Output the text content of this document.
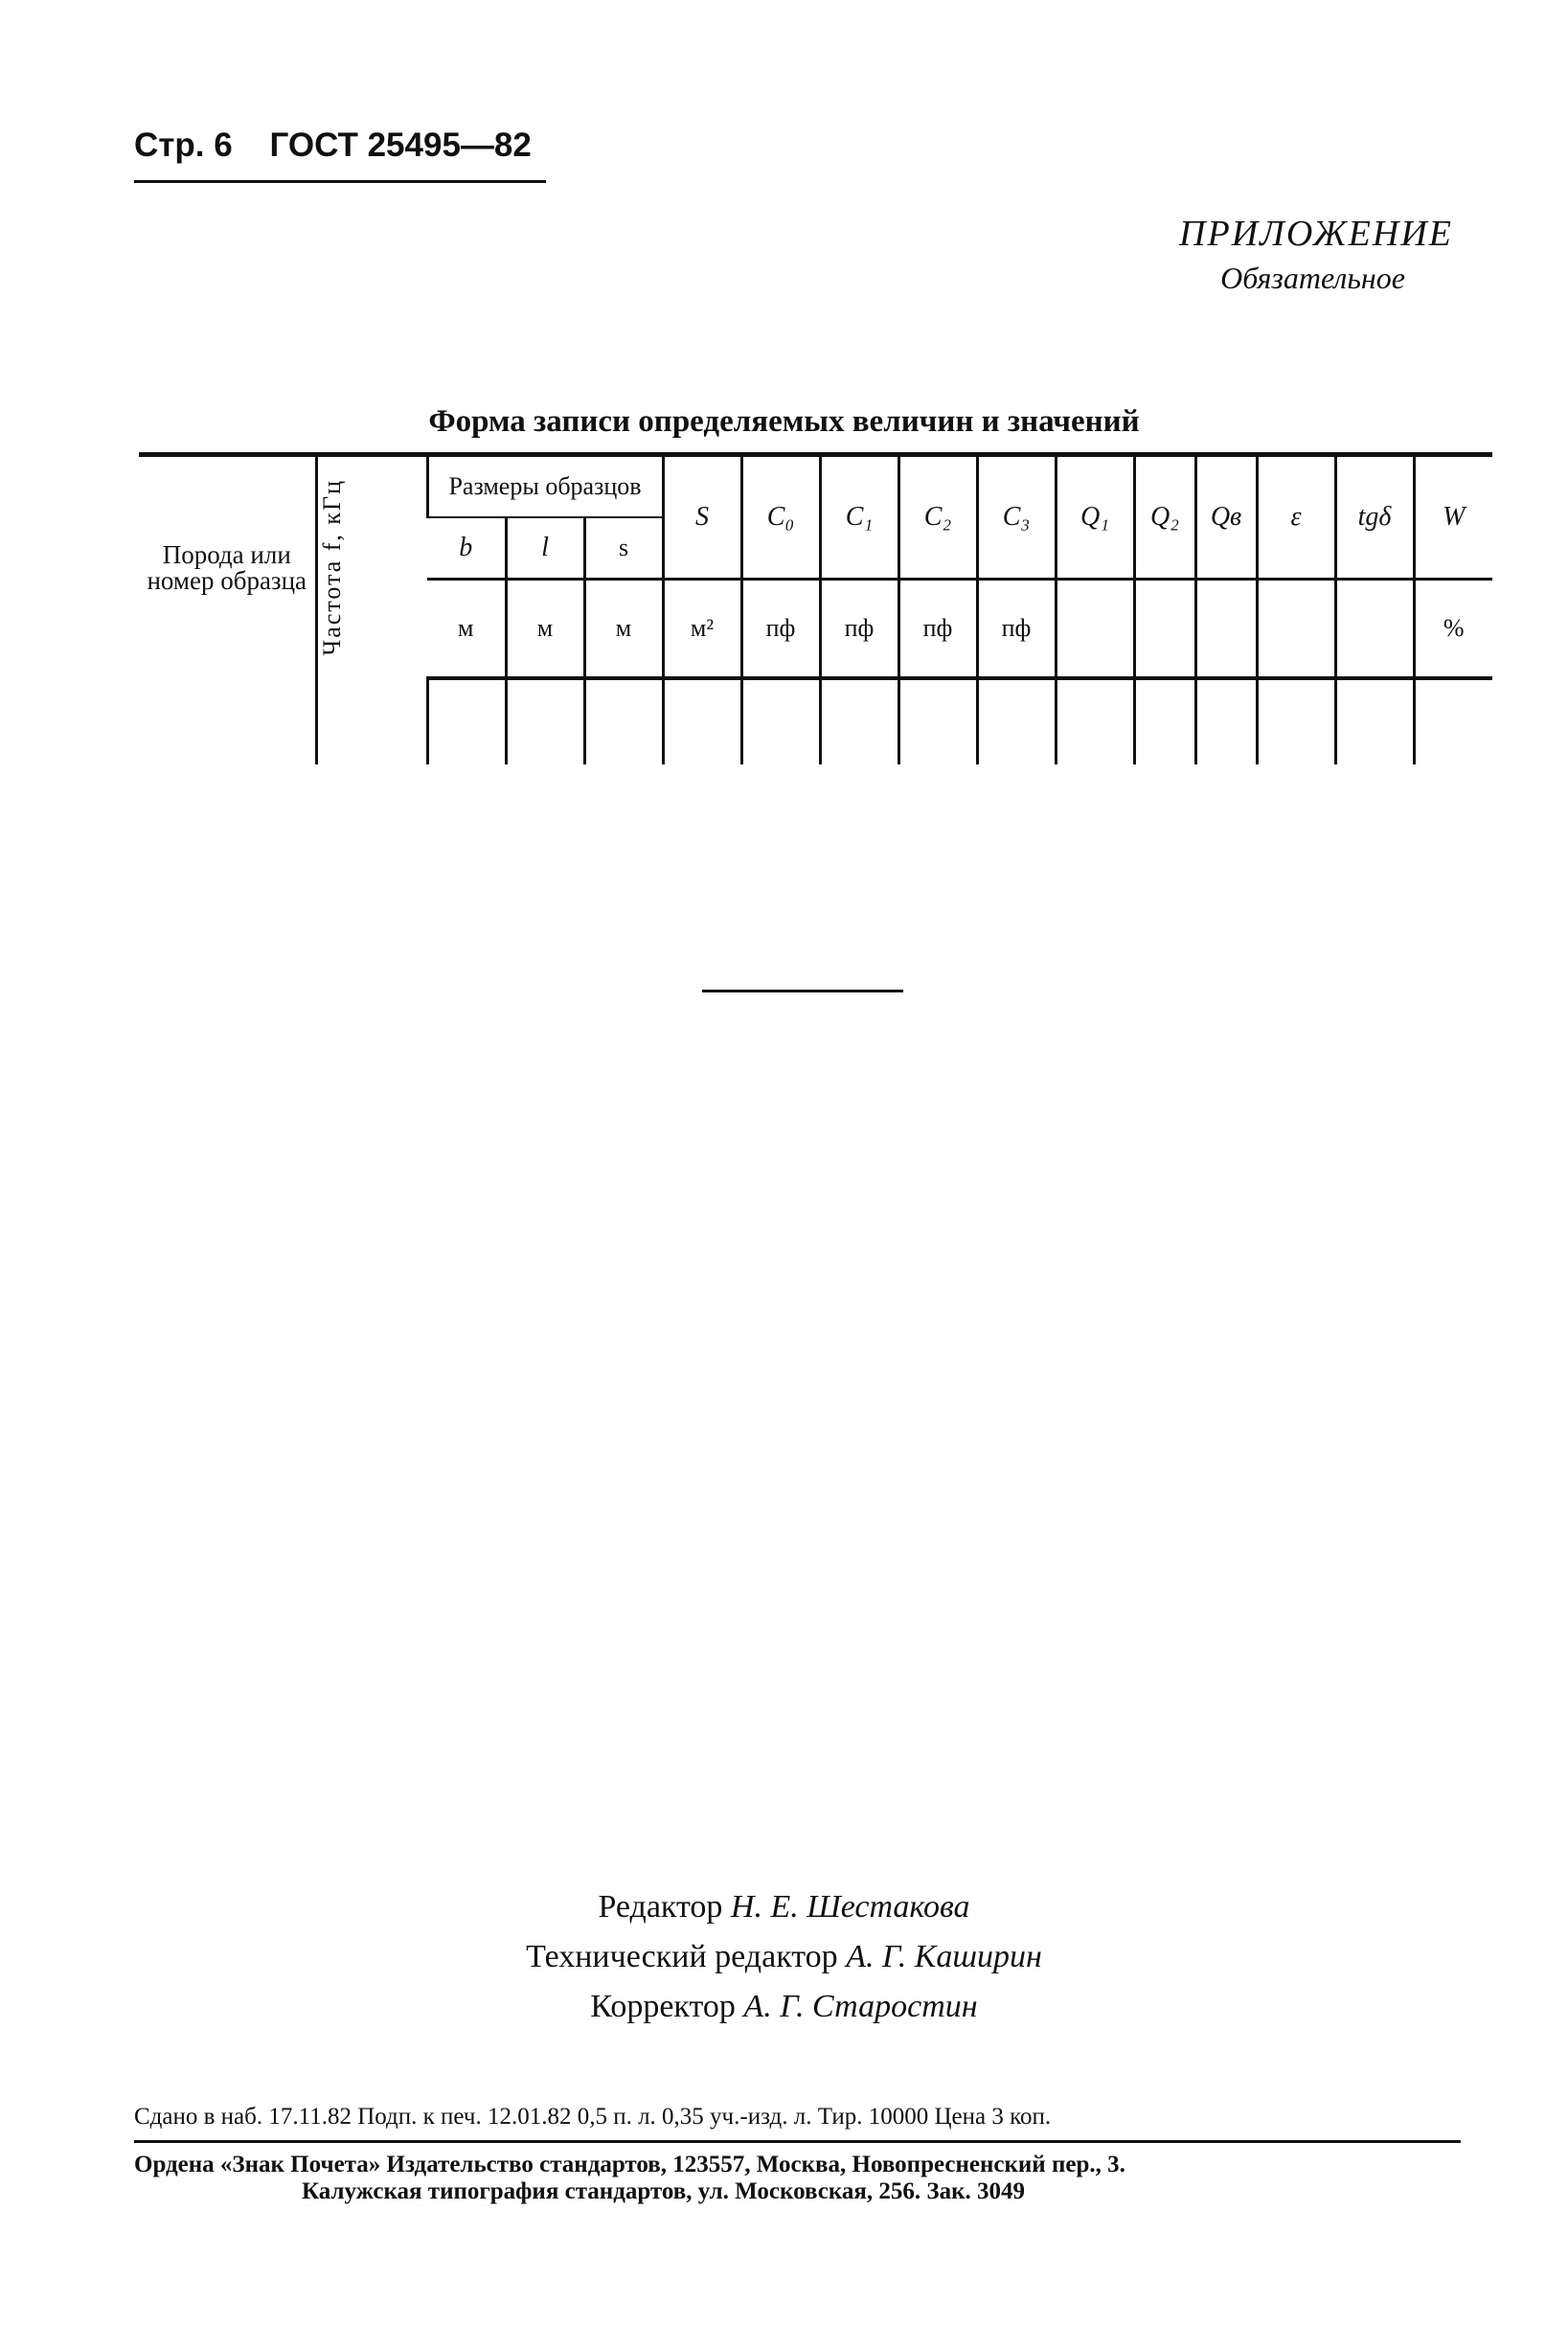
Стр. 6 ГОСТ 25495—82
ПРИЛОЖЕНИЕ
Обязательное
Форма записи определяемых величин и значений
Порода или номер образца	Частота f, кГц	Размеры образцов			S	C₀	C₁	C₂	C₃	Q₁	Q₂	Qв	ε	tgδ	W
		b	l	s											
		м	м	м	м²	пф	пф	пф	пф						%

Редактор Н. Е. Шестакова
Технический редактор А. Г. Каширин
Корректор А. Г. Старостин
Сдано в наб. 17.11.82 Подп. к печ. 12.01.82 0,5 п. л. 0,35 уч.-изд. л. Тир. 10000 Цена 3 коп.
Ордена «Знак Почета» Издательство стандартов, 123557, Москва, Новопресненский пер., 3.
Калужская типография стандартов, ул. Московская, 256. Зак. 3049
